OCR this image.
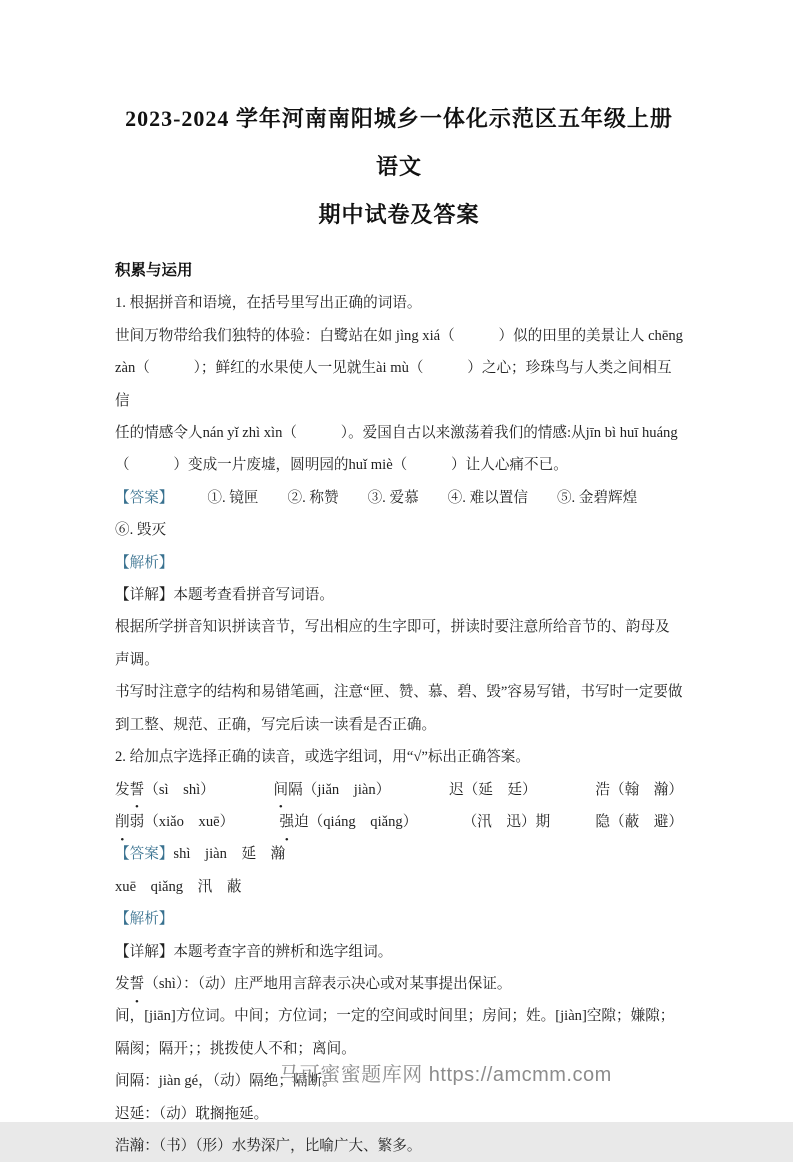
2023-2024 学年河南南阳城乡一体化示范区五年级上册语文
期中试卷及答案
积累与运用

1. 根据拼音和语境，在括号里写出正确的词语。

世间万物带给我们独特的体验：白鹭站在如 jìng xiá（　　　）似的田里的美景让人 chēng

zàn（　　　）；鲜红的水果使人一见就生ài mù（　　　）之心；珍珠鸟与人类之间相互信

任的情感令人nán yǐ zhì xìn（　　　）。爱国自古以来激荡着我们的情感:从jīn bì huī huáng

（　　　）变成一片废墟，圆明园的huǐ miè（　　　）让人心痛不已。

【答案】 ①. 镜匣 ②. 称赞 ③. 爱慕 ④. 难以置信 ⑤. 金碧辉煌

⑥. 毁灭

【解析】

【详解】本题考查看拼音写词语。

根据所学拼音知识拼读音节，写出相应的生字即可，拼读时要注意所给音节的、韵母及声调。

书写时注意字的结构和易错笔画，注意“匣、赞、慕、碧、毁”容易写错，书写时一定要做

到工整、规范、正确，写完后读一读看是否正确。

2. 给加点字选择正确的读音，或选字组词，用“√”标出正确答案。

发誓（sì　shì）	间隔（jiǎn　jiàn）	迟（延　廷）	浩（翰　瀚）

削弱（xiǎo　xuē）	强迫（qiáng　qiǎng）	（汛　迅）期	隐（蔽　避）

【答案】shì　jiàn　延　瀚

xuē　qiǎng　汛　蔽

【解析】

【详解】本题考查字音的辨析和选字组词。

发誓（shì）：（动）庄严地用言辞表示决心或对某事提出保证。

间，[jiān]方位词。中间；方位词；一定的空间或时间里；房间；姓。[jiàn]空隙；嫌隙；

隔阂；隔开；；挑拨使人不和；离间。

间隔：jiàn gé，（动）隔绝；隔断。

迟延：（动）耽搁拖延。

浩瀚：（书）（形）水势深广，比喻广大、繁多。

马可蜜蜜题库网 https://amcmm.com
